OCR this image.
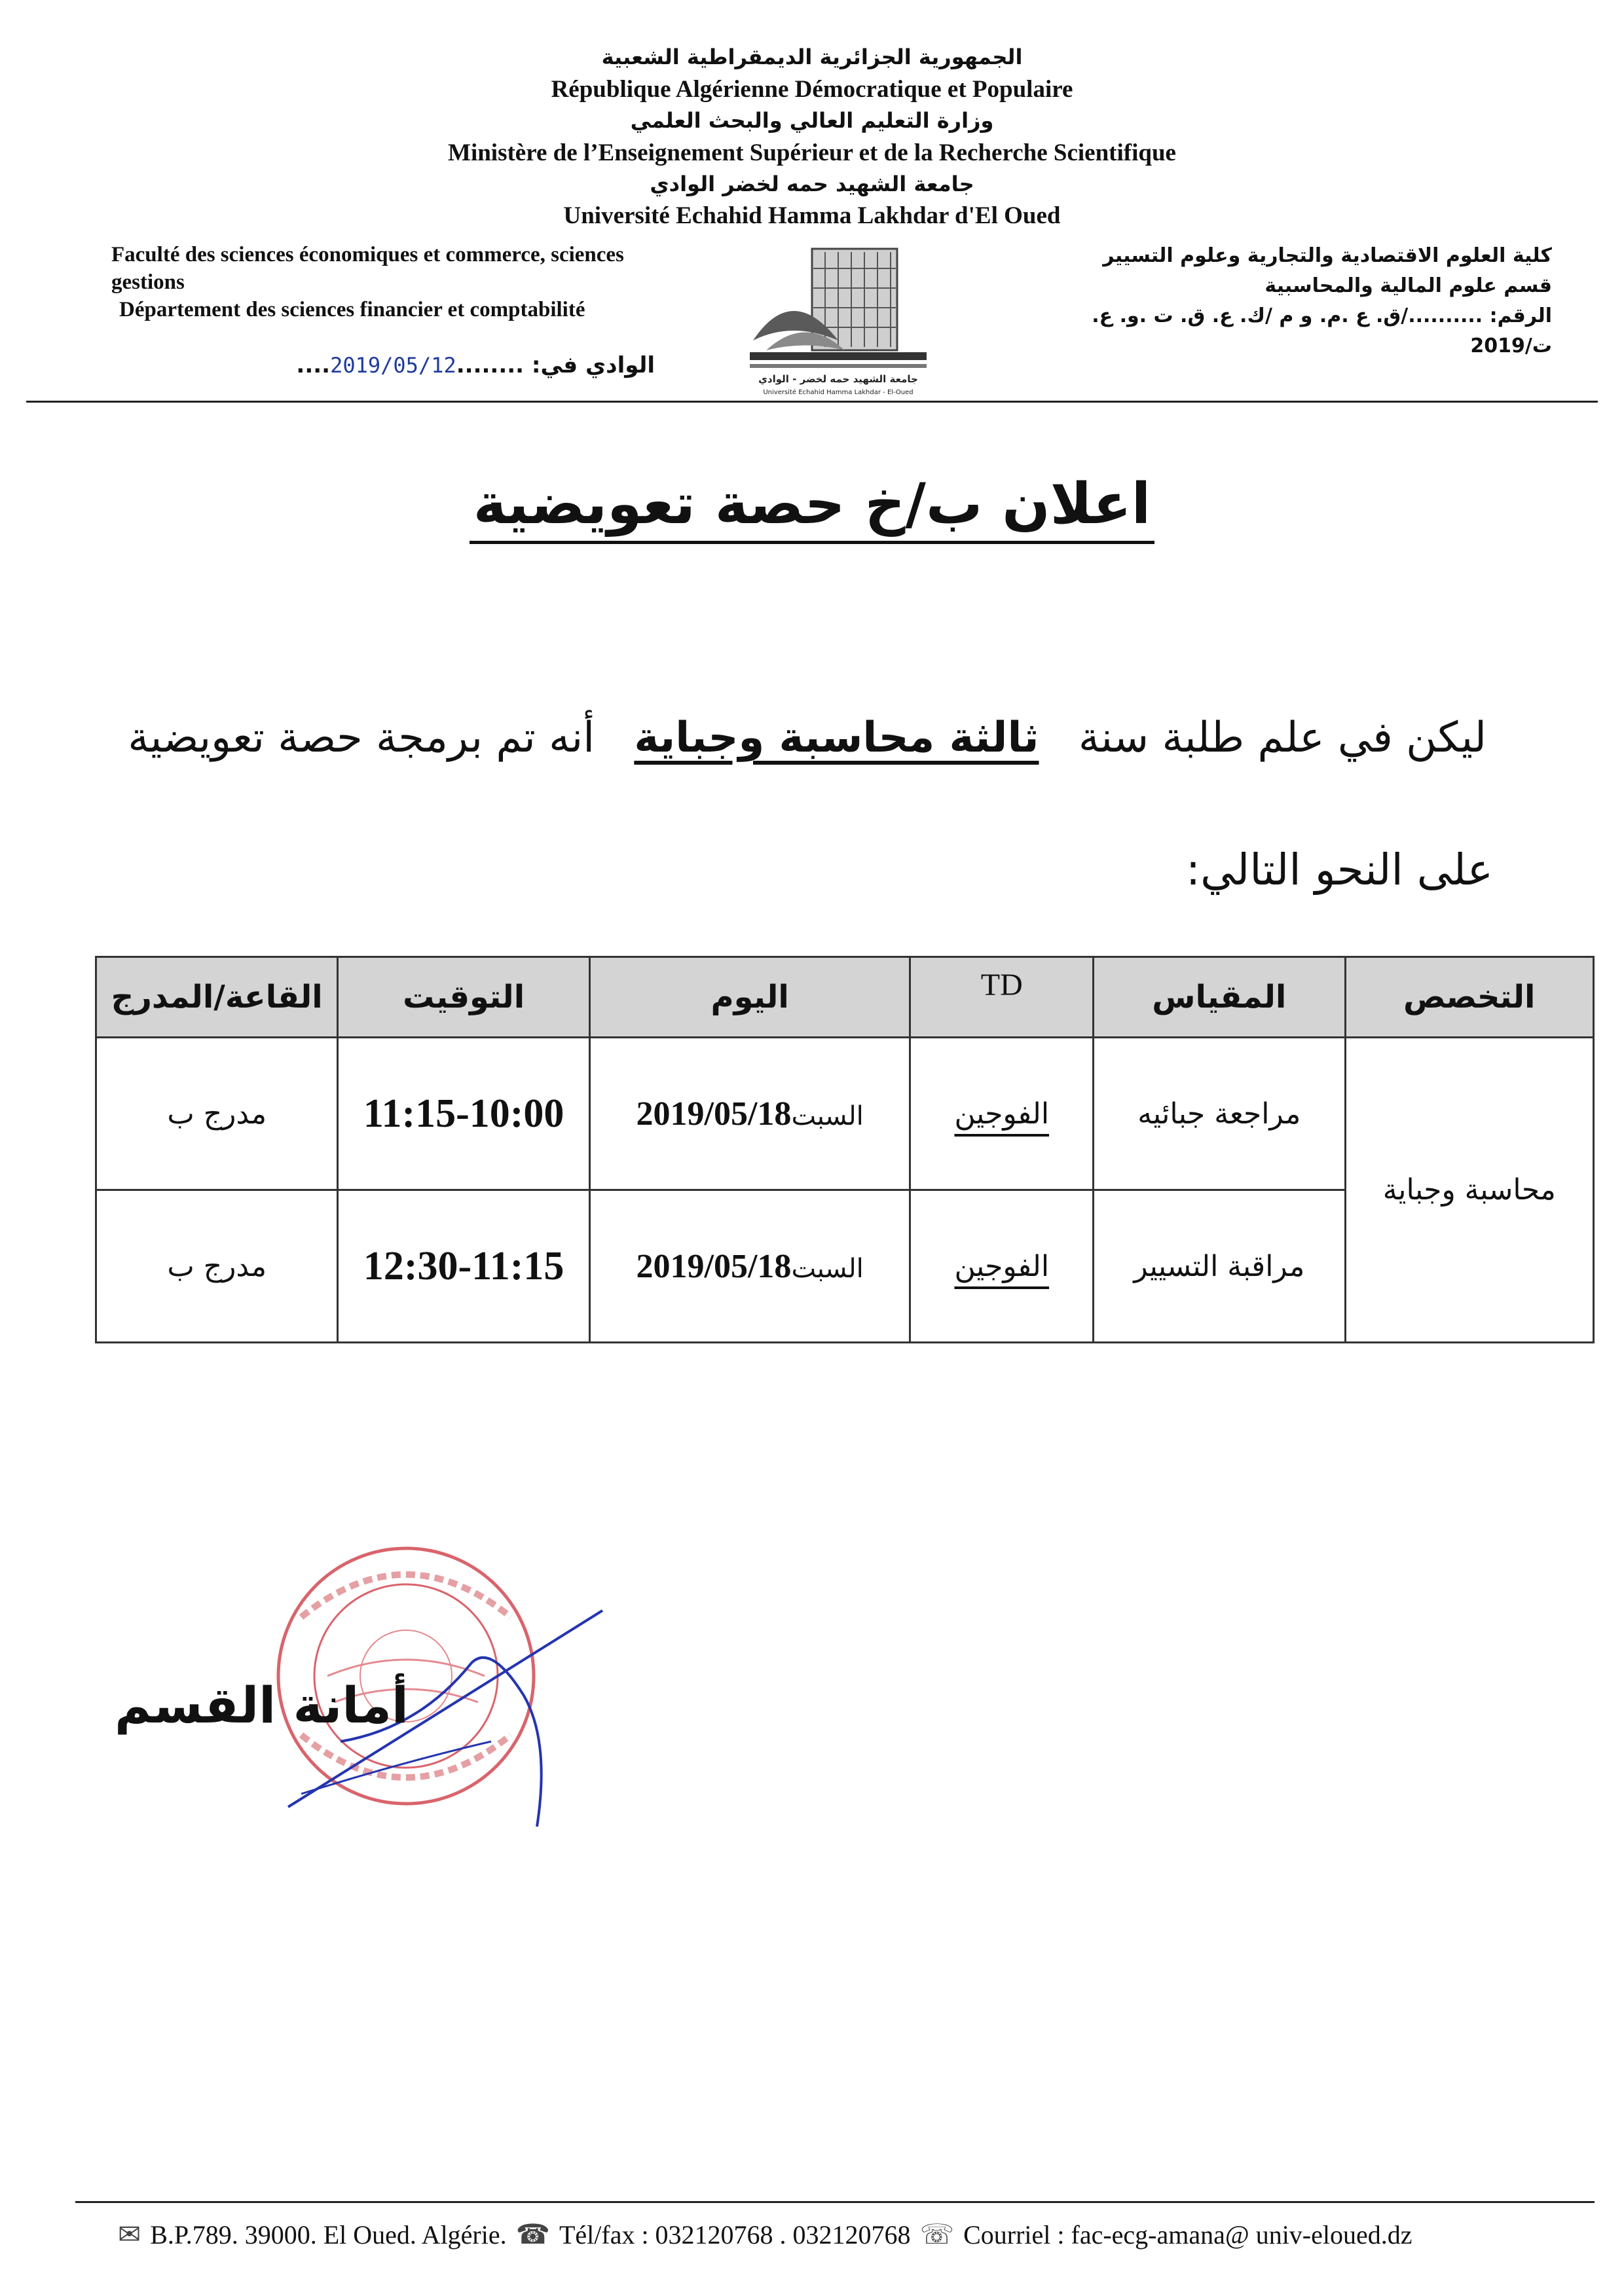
الجمهورية الجزائرية الديمقراطية الشعبية
République Algérienne Démocratique et Populaire
وزارة التعليم العالي والبحث العلمي
Ministère de l’Enseignement Supérieur et de la Recherche Scientifique
جامعة الشهيد حمه لخضر الوادي
Université Echahid Hamma Lakhdar d'El Oued
Faculté des sciences économiques et commerce, sciences
gestions
Département des sciences financier et comptabilité
الوادي في: ........2019/05/12....
جامعة الشهيد حمه لخضر - الوادي
Université Echahid Hamma Lakhdar - El-Oued
كلية العلوم الاقتصادية والتجارية وعلوم التسيير
قسم علوم المالية والمحاسبية
الرقم: ........../ق. ع .م. و م /ك. ع. ق. ت .و. ع. ت/2019
اعلان ب/خ حصة تعويضية
ليكن في علم طلبة سنة ثالثة محاسبة وجباية أنه تم برمجة حصة تعويضية
على النحو التالي:
التخصص	المقياس	TD	اليوم	التوقيت	القاعة/المدرج
محاسبة وجباية	مراجعة جبائيه	الفوجين	السبت2019/05/18	11:15-10:00	مدرج ب
	مراقبة التسيير	الفوجين	السبت2019/05/18	12:30-11:15	مدرج ب
أمانة القسم
✉ B.P.789. 39000. El Oued. Algérie. ☎ Tél/fax : 032120768 . 032120768 ☏ Courriel : fac-ecg-amana@ univ-eloued.dz
